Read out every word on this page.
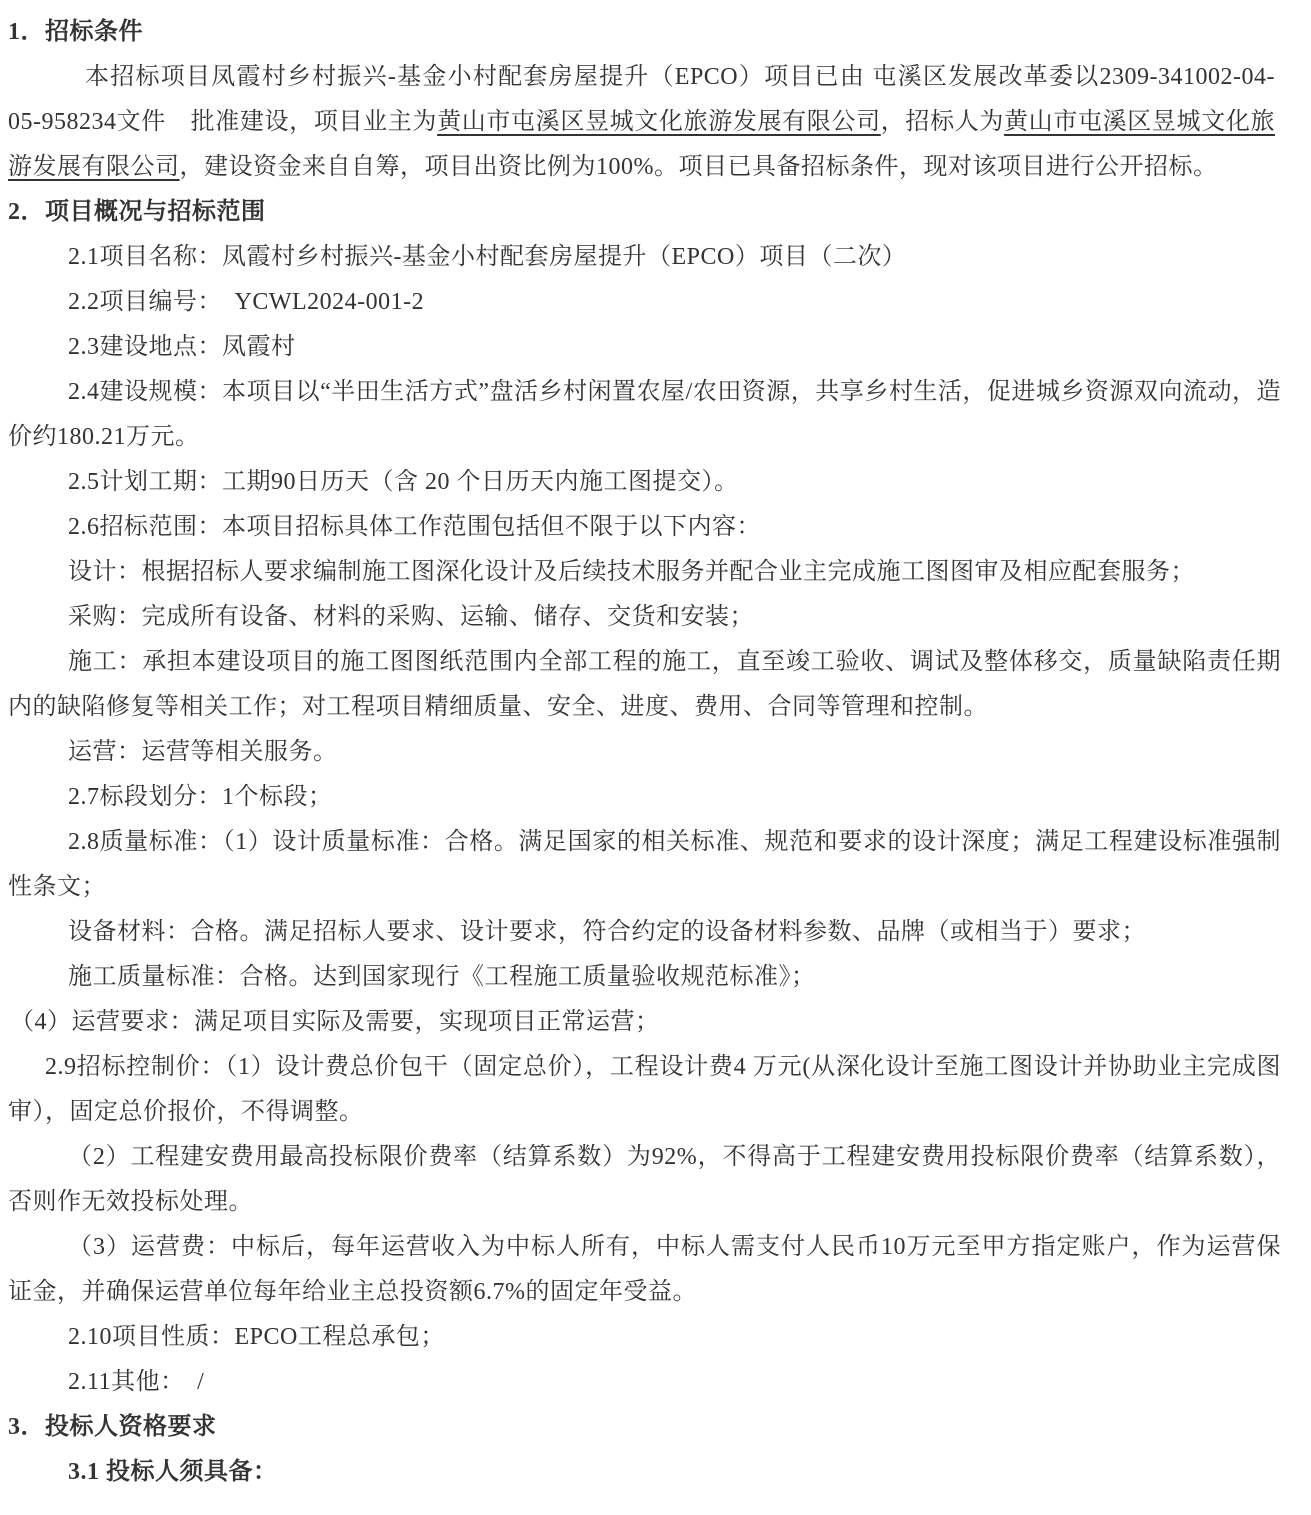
1．招标条件

本招标项目凤霞村乡村振兴-基金小村配套房屋提升（EPCO）项目已由 屯溪区发展改革委以2309-341002-04-05-958234文件　批准建设，项目业主为黄山市屯溪区昱城文化旅游发展有限公司，招标人为黄山市屯溪区昱城文化旅游发展有限公司，建设资金来自自筹，项目出资比例为100%。项目已具备招标条件，现对该项目进行公开招标。

2．项目概况与招标范围

2.1项目名称：凤霞村乡村振兴-基金小村配套房屋提升（EPCO）项目（二次）

2.2项目编号：　YCWL2024-001-2

2.3建设地点：凤霞村

2.4建设规模：本项目以“半田生活方式”盘活乡村闲置农屋/农田资源，共享乡村生活，促进城乡资源双向流动，造价约180.21万元。

2.5计划工期：工期90日历天（含 20 个日历天内施工图提交）。

2.6招标范围：本项目招标具体工作范围包括但不限于以下内容：

设计：根据招标人要求编制施工图深化设计及后续技术服务并配合业主完成施工图图审及相应配套服务；

采购：完成所有设备、材料的采购、运输、储存、交货和安装；

施工：承担本建设项目的施工图图纸范围内全部工程的施工，直至竣工验收、调试及整体移交，质量缺陷责任期内的缺陷修复等相关工作；对工程项目精细质量、安全、进度、费用、合同等管理和控制。

运营：运营等相关服务。

2.7标段划分：1个标段；

2.8质量标准：（1）设计质量标准：合格。满足国家的相关标准、规范和要求的设计深度；满足工程建设标准强制性条文；

设备材料：合格。满足招标人要求、设计要求，符合约定的设备材料参数、品牌（或相当于）要求；

施工质量标准：合格。达到国家现行《工程施工质量验收规范标准》；

（4）运营要求：满足项目实际及需要，实现项目正常运营；

2.9招标控制价：（1）设计费总价包干（固定总价），工程设计费4 万元(从深化设计至施工图设计并协助业主完成图审），固定总价报价，不得调整。

（2）工程建安费用最高投标限价费率（结算系数）为92%，不得高于工程建安费用投标限价费率（结算系数），否则作无效投标处理。

（3）运营费：中标后，每年运营收入为中标人所有，中标人需支付人民币10万元至甲方指定账户，作为运营保证金，并确保运营单位每年给业主总投资额6.7%的固定年受益。

2.10项目性质：EPCO工程总承包；

2.11其他：　/

3．投标人资格要求

3.1 投标人须具备：
